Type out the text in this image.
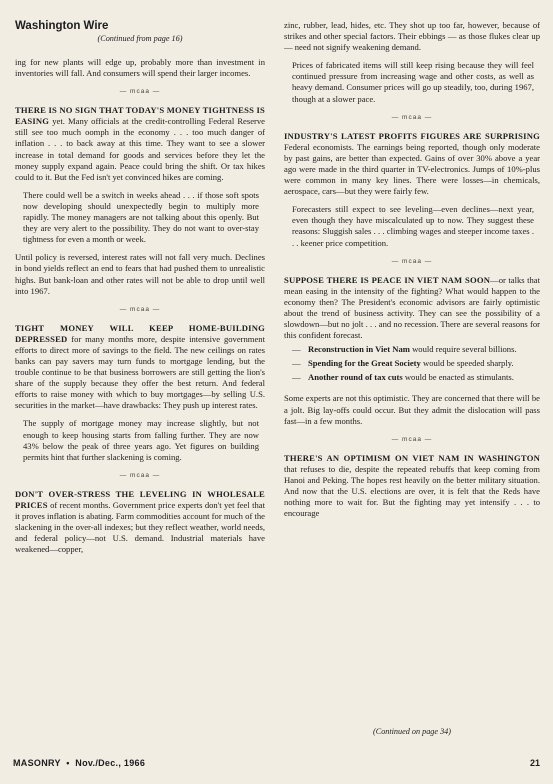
Washington Wire
(Continued from page 16)

ing for new plants will edge up, probably more than investment in inventories will fall. And consumers will spend their larger incomes.

— mcaa —

THERE IS NO SIGN THAT TODAY'S MONEY TIGHTNESS IS EASING yet. Many officials at the credit-controlling Federal Reserve still see too much oomph in the economy . . . too much danger of inflation . . . to back away at this time. They want to see a slower increase in total demand for goods and services before they let the money supply expand again. Peace could bring the shift. Or tax hikes could to it. But the Fed isn't yet convinced hikes are coming.

There could well be a switch in weeks ahead . . . if those soft spots now developing should unexpectedly begin to multiply more rapidly. The money managers are not talking about this openly. But they are very alert to the possibility. They do not want to over-stay tightness for even a month or week.

Until policy is reversed, interest rates will not fall very much. Declines in bond yields reflect an end to fears that had pushed them to unrealistic highs. But bank-loan and other rates will not be able to drop until well into 1967.

— mcaa —

TIGHT MONEY WILL KEEP HOME-BUILDING DEPRESSED for many months more, despite intensive government efforts to direct more of savings to the field. The new ceilings on rates banks can pay savers may turn funds to mortgage lending, but the trouble continue to be that business borrowers are still getting the lion's share of the supply because they offer the best return. And federal efforts to raise money with which to buy mortgages—by selling U.S. securities in the market—have drawbacks: They push up interest rates.

The supply of mortgage money may increase slightly, but not enough to keep housing starts from falling further. They are now 43% below the peak of three years ago. Yet figures on building permits hint that further slackening is coming.

— mcaa —

DON'T OVER-STRESS THE LEVELING IN WHOLESALE PRICES of recent months. Government price experts don't yet feel that it proves inflation is abating. Farm commodities account for much of the slackening in the over-all indexes; but they reflect weather, world needs, and federal policy—not U.S. demand. Industrial materials have weakened—copper,

zinc, rubber, lead, hides, etc. They shot up too far, however, because of strikes and other special factors. Their ebbings — as those flukes clear up — need not signify weakening demand.

Prices of fabricated items will still keep rising because they will feel continued pressure from increasing wage and other costs, as well as heavy demand. Consumer prices will go up steadily, too, during 1967, though at a slower pace.

— mcaa —

INDUSTRY'S LATEST PROFITS FIGURES ARE SURPRISING Federal economists. The earnings being reported, though only moderate by past gains, are better than expected. Gains of over 30% above a year ago were made in the third quarter in TV-electronics. Jumps of 10%-plus were common in many key lines. There were losses—in chemicals, aerospace, cars—but they were fairly few.

Forecasters still expect to see leveling—even declines—next year, even though they have miscalculated up to now. They suggest these reasons: Sluggish sales . . . climbing wages and steeper income taxes . . . keener price competition.

— mcaa —

SUPPOSE THERE IS PEACE IN VIET NAM SOON—or talks that mean easing in the intensity of the fighting? What would happen to the economy then? The President's economic advisors are fairly optimistic about the trend of business activity. They can see the possibility of a slowdown—but no jolt . . . and no recession. There are several reasons for this confident forecast.

— Reconstruction in Viet Nam would require several billions.
— Spending for the Great Society would be speeded sharply.
— Another round of tax cuts would be enacted as stimulants.

Some experts are not this optimistic. They are concerned that there will be a jolt. Big lay-offs could occur. But they admit the dislocation will pass fast—in a few months.

— mcaa —

THERE'S AN OPTIMISM ON VIET NAM IN WASHINGTON that refuses to die, despite the repeated rebuffs that keep coming from Hanoi and Peking. The hopes rest heavily on the better military situation. And now that the U.S. elections are over, it is felt that the Reds have nothing more to wait for. But the fighting may yet intensify . . . to encourage

(Continued on page 34)
MASONRY • Nov./Dec., 1966	21
